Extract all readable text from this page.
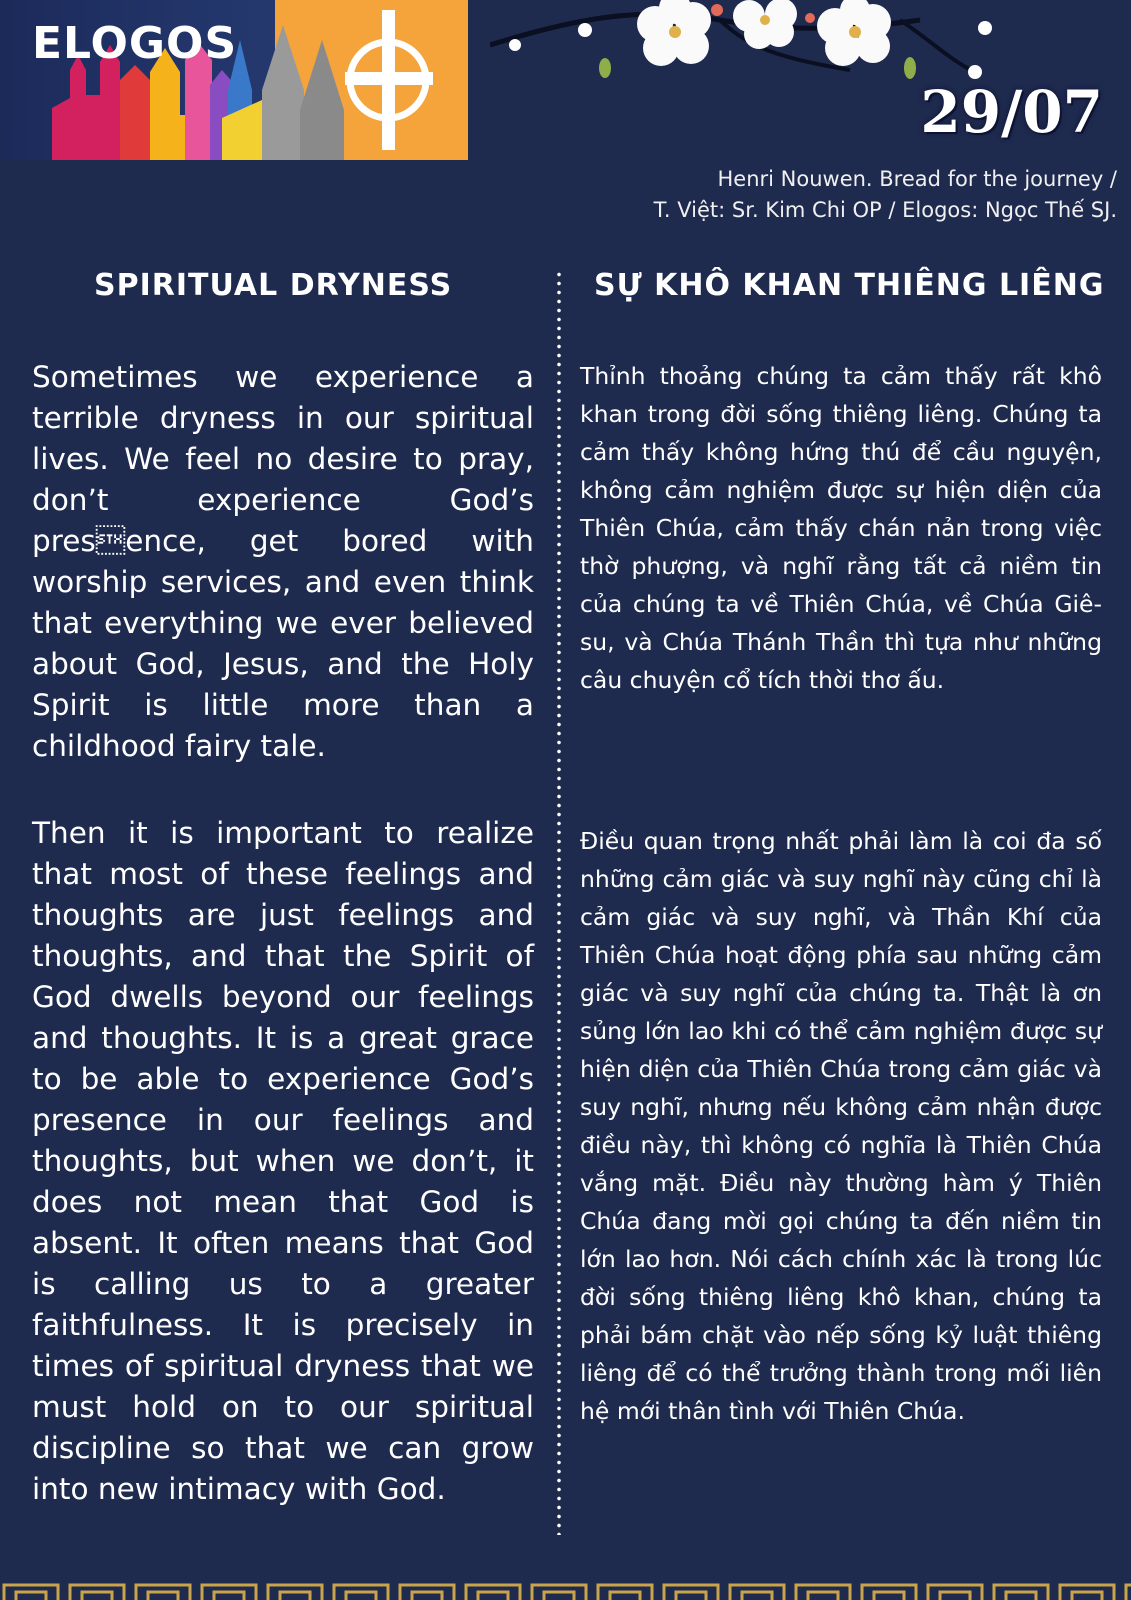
ELOGOS
29/07
Henri Nouwen. Bread for the journey /
T. Việt: Sr. Kim Chi OP / Elogos: Ngọc Thế SJ.
SPIRITUAL DRYNESS	SỰ KHÔ KHAN THIÊNG LIÊNG
Sometimes we experience a terrible dryness in our spiritual lives. We feel no desire to pray, don’t experience God’s presence, get bored with worship services, and even think that everything we ever believed about God, Jesus, and the Holy Spirit is little more than a childhood fairy tale.
Then it is important to realize that most of these feelings and thoughts are just feelings and thoughts, and that the Spirit of God dwells beyond our feelings and thoughts. It is a great grace to be able to experience God’s presence in our feelings and thoughts, but when we don’t, it does not mean that God is absent. It often means that God is calling us to a greater faithfulness. It is precisely in times of spiritual dryness that we must hold on to our spiritual discipline so that we can grow into new intimacy with God.
Thỉnh thoảng chúng ta cảm thấy rất khô khan trong đời sống thiêng liêng. Chúng ta cảm thấy không hứng thú để cầu nguyện, không cảm nghiệm được sự hiện diện của Thiên Chúa, cảm thấy chán nản trong việc thờ phượng, và nghĩ rằng tất cả niềm tin của chúng ta về Thiên Chúa, về Chúa Giê-su, và Chúa Thánh Thần thì tựa như những câu chuyện cổ tích thời thơ ấu.
Điều quan trọng nhất phải làm là coi đa số những cảm giác và suy nghĩ này cũng chỉ là cảm giác và suy nghĩ, và Thần Khí của Thiên Chúa hoạt động phía sau những cảm giác và suy nghĩ của chúng ta. Thật là ơn sủng lớn lao khi có thể cảm nghiệm được sự hiện diện của Thiên Chúa trong cảm giác và suy nghĩ, nhưng nếu không cảm nhận được điều này, thì không có nghĩa là Thiên Chúa vắng mặt. Điều này thường hàm ý Thiên Chúa đang mời gọi chúng ta đến niềm tin lớn lao hơn. Nói cách chính xác là trong lúc đời sống thiêng liêng khô khan, chúng ta phải bám chặt vào nếp sống kỷ luật thiêng liêng để có thể trưởng thành trong mối liên hệ mới thân tình với Thiên Chúa.
